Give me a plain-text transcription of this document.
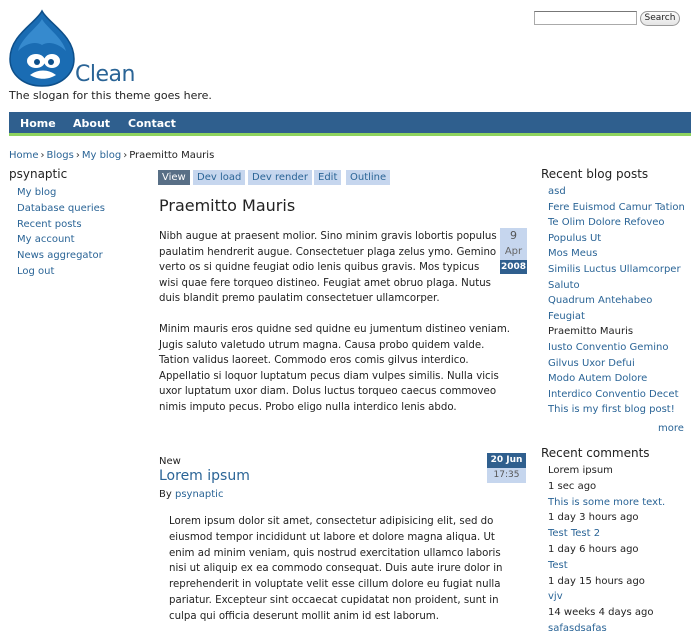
Clean
The slogan for this theme goes here.
Search
Home About Contact
Home › Blogs › My blog › Praemitto Mauris
psynaptic
My blog
Database queries
Recent posts
My account
News aggregator
Log out
View	Dev load	Dev render	Edit	Outline
Praemitto Mauris
9
Apr
2008

Nibh augue at praesent molior. Sino minim gravis lobortis populus paulatim hendrerit augue. Consectetuer plaga zelus ymo. Gemino verto os si quidne feugiat odio lenis quibus gravis. Mos typicus wisi quae fere torqueo distineo. Feugiat amet obruo plaga. Nutus duis blandit premo paulatim consectetuer ullamcorper.

Minim mauris eros quidne sed quidne eu jumentum distineo veniam. Jugis saluto valetudo utrum magna. Causa probo quidem valde. Tation validus laoreet. Commodo eros comis gilvus interdico. Appellatio si loquor luptatum pecus diam vulpes similis. Nulla vicis uxor luptatum uxor diam. Dolus luctus torqueo caecus commoveo nimis imputo pecus. Probo eligo nulla interdico lenis abdo.

New
Lorem ipsum
By psynaptic
20 Jun
17:35

Lorem ipsum dolor sit amet, consectetur adipisicing elit, sed do eiusmod tempor incididunt ut labore et dolore magna aliqua. Ut enim ad minim veniam, quis nostrud exercitation ullamco laboris nisi ut aliquip ex ea commodo consequat. Duis aute irure dolor in reprehenderit in voluptate velit esse cillum dolore eu fugiat nulla pariatur. Excepteur sint occaecat cupidatat non proident, sunt in culpa qui officia deserunt mollit anim id est laborum.

Recent blog posts
asd
Fere Euismod Camur Tation
Te Olim Dolore Refoveo
Populus Ut
Mos Meus
Similis Luctus Ullamcorper
Saluto
Quadrum Antehabeo
Feugiat
Praemitto Mauris
Iusto Conventio Gemino
Gilvus Uxor Defui
Modo Autem Dolore
Interdico Conventio Decet
This is my first blog post!
more
Recent comments
Lorem ipsum
1 sec ago
This is some more text.
1 day 3 hours ago
Test Test 2
1 day 6 hours ago
Test
1 day 15 hours ago
vjv
14 weeks 4 days ago
safasdsafas
